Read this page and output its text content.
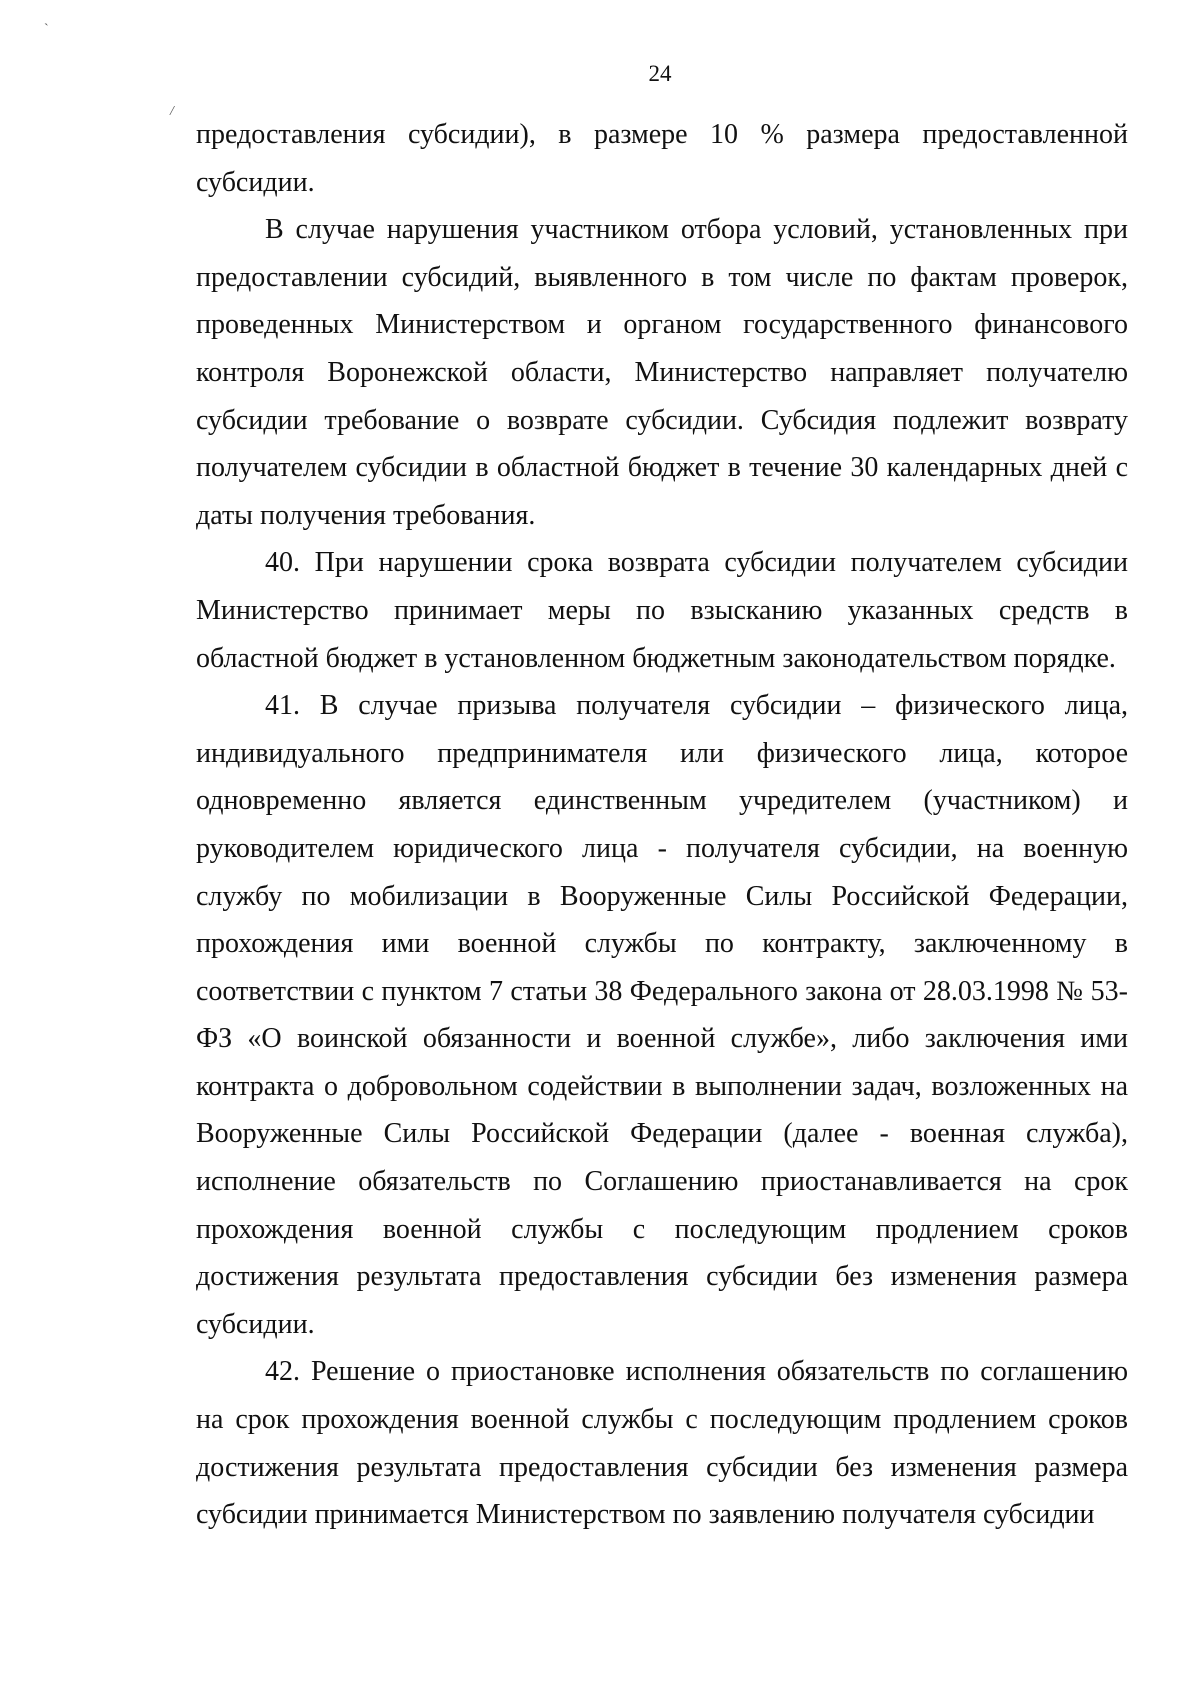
`
/
24

предоставления субсидии), в размере 10 % размера предоставленной субсидии.

В случае нарушения участником отбора условий, установленных при предоставлении субсидий, выявленного в том числе по фактам проверок, проведенных Министерством и органом государственного финансового контроля Воронежской области, Министерство направляет получателю субсидии требование о возврате субсидии. Субсидия подлежит возврату получателем субсидии в областной бюджет в течение 30 календарных дней с даты получения требования.

40. При нарушении срока возврата субсидии получателем субсидии Министерство принимает меры по взысканию указанных средств в областной бюджет в установленном бюджетным законодательством порядке.

41. В случае призыва получателя субсидии – физического лица, индивидуального предпринимателя или физического лица, которое одновременно является единственным учредителем (участником) и руководителем юридического лица - получателя субсидии, на военную службу по мобилизации в Вооруженные Силы Российской Федерации, прохождения ими военной службы по контракту, заключенному в соответствии с пунктом 7 статьи 38 Федерального закона от 28.03.1998 № 53-ФЗ «О воинской обязанности и военной службе», либо заключения ими контракта о добровольном содействии в выполнении задач, возложенных на Вооруженные Силы Российской Федерации (далее - военная служба), исполнение обязательств по Соглашению приостанавливается на срок прохождения военной службы с последующим продлением сроков достижения результата предоставления субсидии без изменения размера субсидии.

42. Решение о приостановке исполнения обязательств по соглашению на срок прохождения военной службы с последующим продлением сроков достижения результата предоставления субсидии без изменения размера субсидии принимается Министерством по заявлению получателя субсидии
